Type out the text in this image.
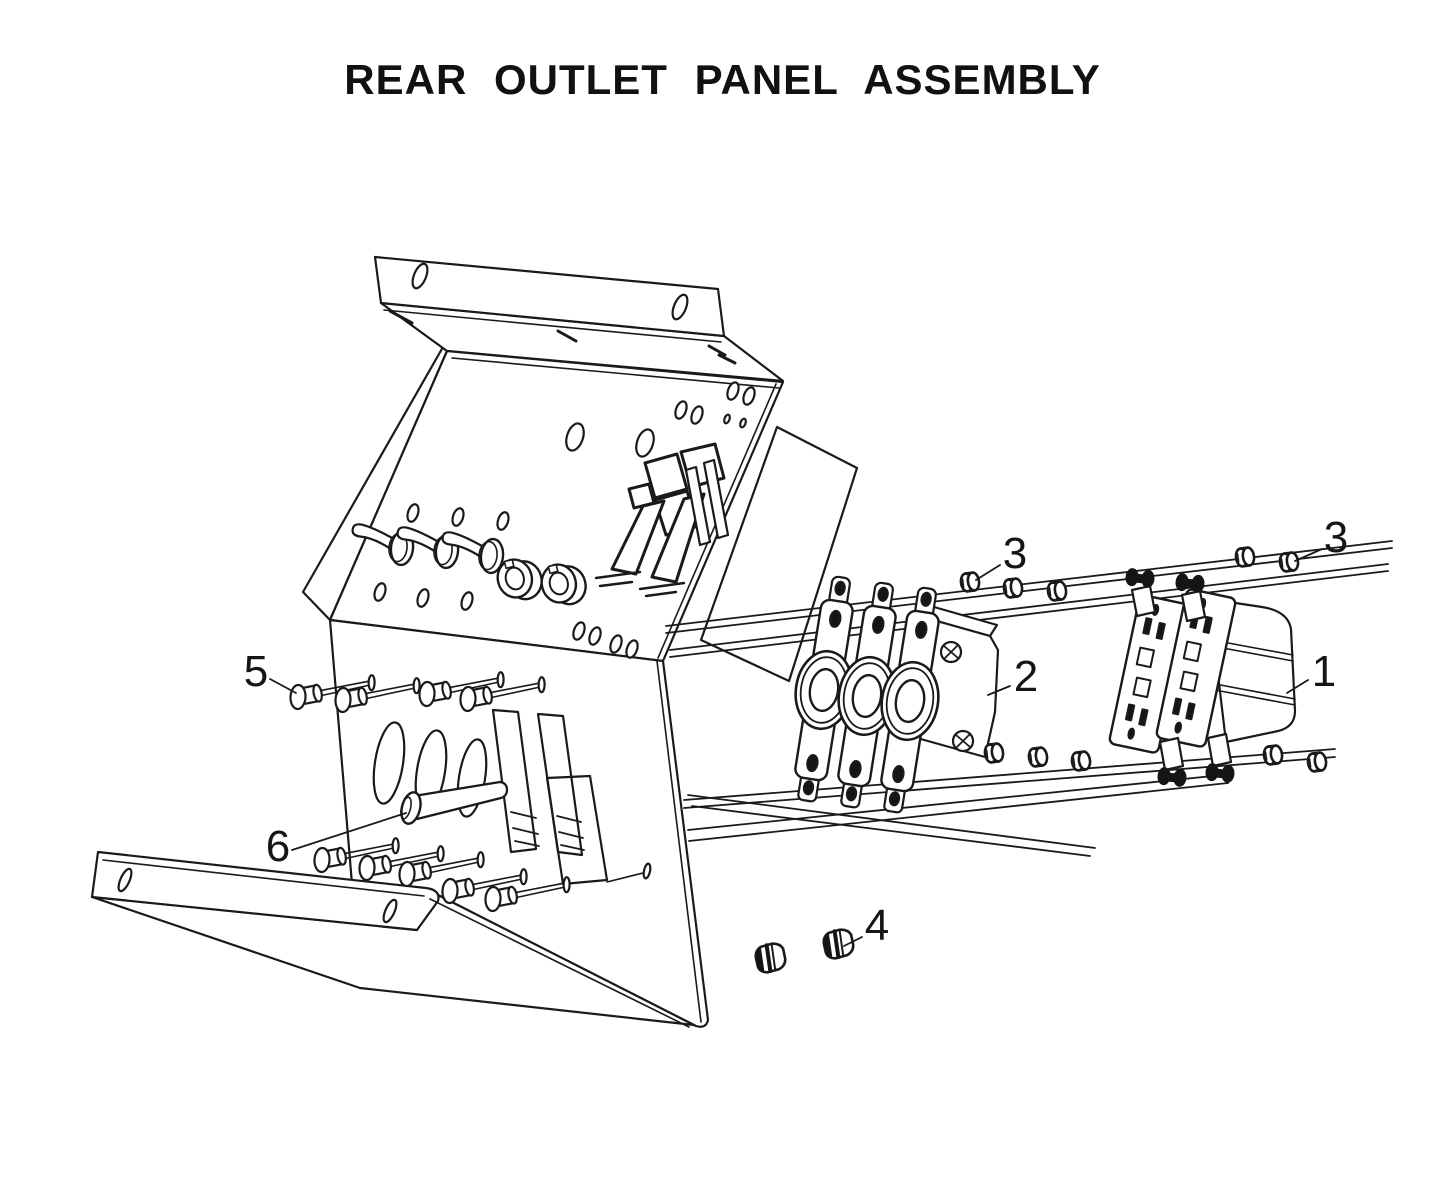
REAR OUTLET PANEL ASSEMBLY
1
2
3	3
4
5
6
